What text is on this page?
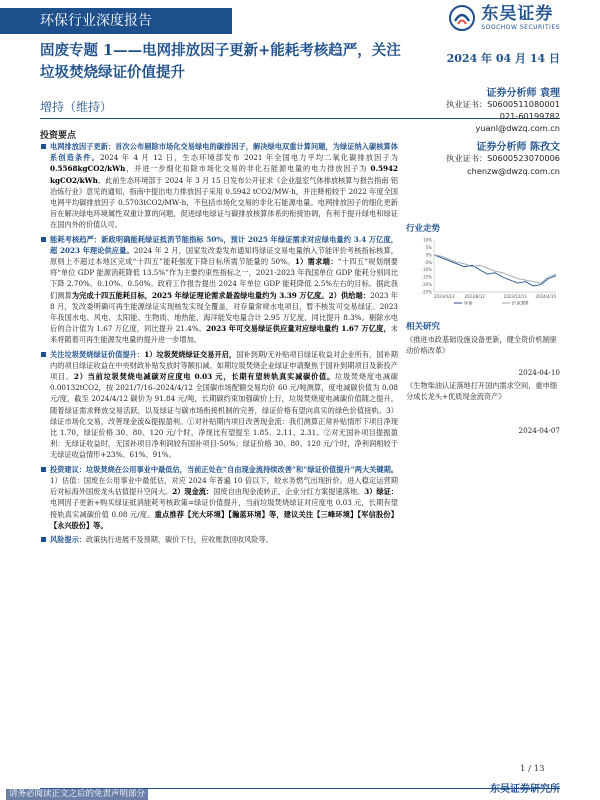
环保行业深度报告	东吴证券
SOOCHOW SECURITIES
固废专题 1——电网排放因子更新+能耗考核趋严，关注垃圾焚烧绿证价值提升
2024 年 04 月 14 日
增持（维持）
证券分析师 袁理
执业证书：S0600511080001
021-60199782
yuanl@dwzq.com.cn
证券分析师 陈孜文
执业证书：S0600523070006
chenzw@dwzq.com.cn
投资要点
电网排放因子更新：首次公布剔除市场化交易绿电的碳排因子，解决绿电双重计算问题，为绿证纳入碳核算体系创造条件。2024 年 4 月 12 日，生态环境部发布 2021 年全国电力平均二氧化碳排放因子为 0.5568kgCO2/kWh，并进一步细化扣除市场化交易的非化石能源电量的电力排放因子为 0.5942 kgCO2/kWh。此前生态环境部于 2024 年 3 月 15 日发布公开征求《企业温室气体排放核算与报告指南 铝冶炼行业》意见的通知，指南中提出电力排放因子采用 0.5942 tCO2/MW·h，并注释相较于 2022 年度全国电网平均碳排放因子 0.5703tCO2/MW·h，不包括市场化交易的非化石能源电量。电网排放因子的细化更新旨在解决绿电环境属性双重计算的问题，促进绿电绿证与碳排放核算体系的衔接协调，有利于提升绿电和绿证在国内外的价值认可。
能耗考核趋严：新政明确能耗绿证抵消节能指标 50%，预计 2025 年绿证需求对应绿电量约 3.4 万亿度，超 2023 年理论供应量。2024 年 2 月，国家发改委发布通知将绿证交易电量纳入节能评价考核指标核算，原则上不超过本地区完成“十四五”能耗强度下降目标所需节能量的 50%。1）需求端：“十四五”规划纲要将“单位 GDP 能源消耗降低 13.5%”作为主要约束性指标之一，2021-2023 年我国单位 GDP 能耗分别同比下降 2.70%、0.10%、0.50%。政府工作报告提出 2024 年单位 GDP 能耗降低 2.5%左右的目标。据此我们测算为完成十四五能耗目标，2025 年绿证理论需求最盈绿电量约为 3.39 万亿度。2）供给端：2023 年 8 月，发改委明确可再生能源绿证实现核发实现全覆盖，对存量常规水电项目，暂不核发可交易绿证。2023 年我国水电、风电、太阳能、生物质、地热能、海洋能发电量合计 2.95 万亿度，同比提升 8.3%。剔除水电后的合计值为 1.67 万亿度，同比提升 21.4%。2023 年可交易绿证供应量对应绿电量约 1.67 万亿度，未来将随着可再生能源发电量的提升进一步增加。
关注垃圾焚烧绿证价值提升：1）垃圾焚烧绿证交易开启，国补到期/无补贴项目绿证收益对企业所有，国补期内的项目绿证收益在中央财政补贴发放时等额扣减。如期垃圾焚烧企业绿证申请聚焦于国补到期项目及新投产项目。2）当前垃圾焚烧电减碳对应度电 0.03 元，长期有望转轨真实减碳价值。垃圾焚烧度电减碳 0.00132tCO2，按 2021/7/16–2024/4/12 全国碳市场配额交易均价 60 元/吨测算，度电减碳价值为 0.08 元/度，截至 2024/4/12 碳价为 91.84 元/吨，长期碳约束加强碳价上行，垃圾焚烧度电减碳价值随之提升。随着绿证需求释放交易活跃，以及绿证与碳市场衔接机制的完善，绿证价格有望向真实的绿色价值接轨。3）绿证市场化交易，改善现金流&提振盈利。①对补贴期内项目改善现金流：我们测算正常补贴情形下项目净现比 1.70，绿证价格 30、80、120 元/个时，净现比有望提至 1.85、2.11、2.31。②对无国补项目提振盈利：无绿证收益时，无国补项目净利润较有国补项目-50%；绿证价格 30、80、120 元/个时，净利润相较于无绿证收益情形+23%、61%、91%。
投资建议：垃圾焚烧在公用事业中最低估，当前正处在“自由现金流持续改善”和“绿证价值提升”两大关键期。1）估值：国废在公用事业中最低估，对应 2024 年普遍 10 倍以下，较水务燃气出现折价。进入稳定运营期后对标海外国废龙头估值提升空间大。2）现金流：国废自由现金流转正，企业分红方案提速落地。3）绿证：电网因子更新+购买绿证抵消能耗考核政策=绿证价值提升，当前垃圾焚烧绿证对应度电 0.03 元，长期有望接轨真实减碳价值 0.08 元/度。重点推荐【光大环境】【瀚蓝环境】等，建议关注【三峰环境】【军信股份】【永兴股份】等。
风险提示：政策执行进展不及预期，碳价下行，应收账款回收风险等。
行业走势
10%
5%
0%
-5%
-10%
-15%
-20%
-25%
2023/4/13 2023/8/12	2023/12/11 2024/4/10
环保	沪深300
相关研究
《推进市政基础设施设备更新，健全资价机制驱动价格改革》
2024-04-10
《生物柴油认证落地打开国内需求空间，重申细分成长龙头+优质现金流资产》
2024-04-07
1 / 13
东吴证券研究所
请务必阅读正文之后的免责声明部分
